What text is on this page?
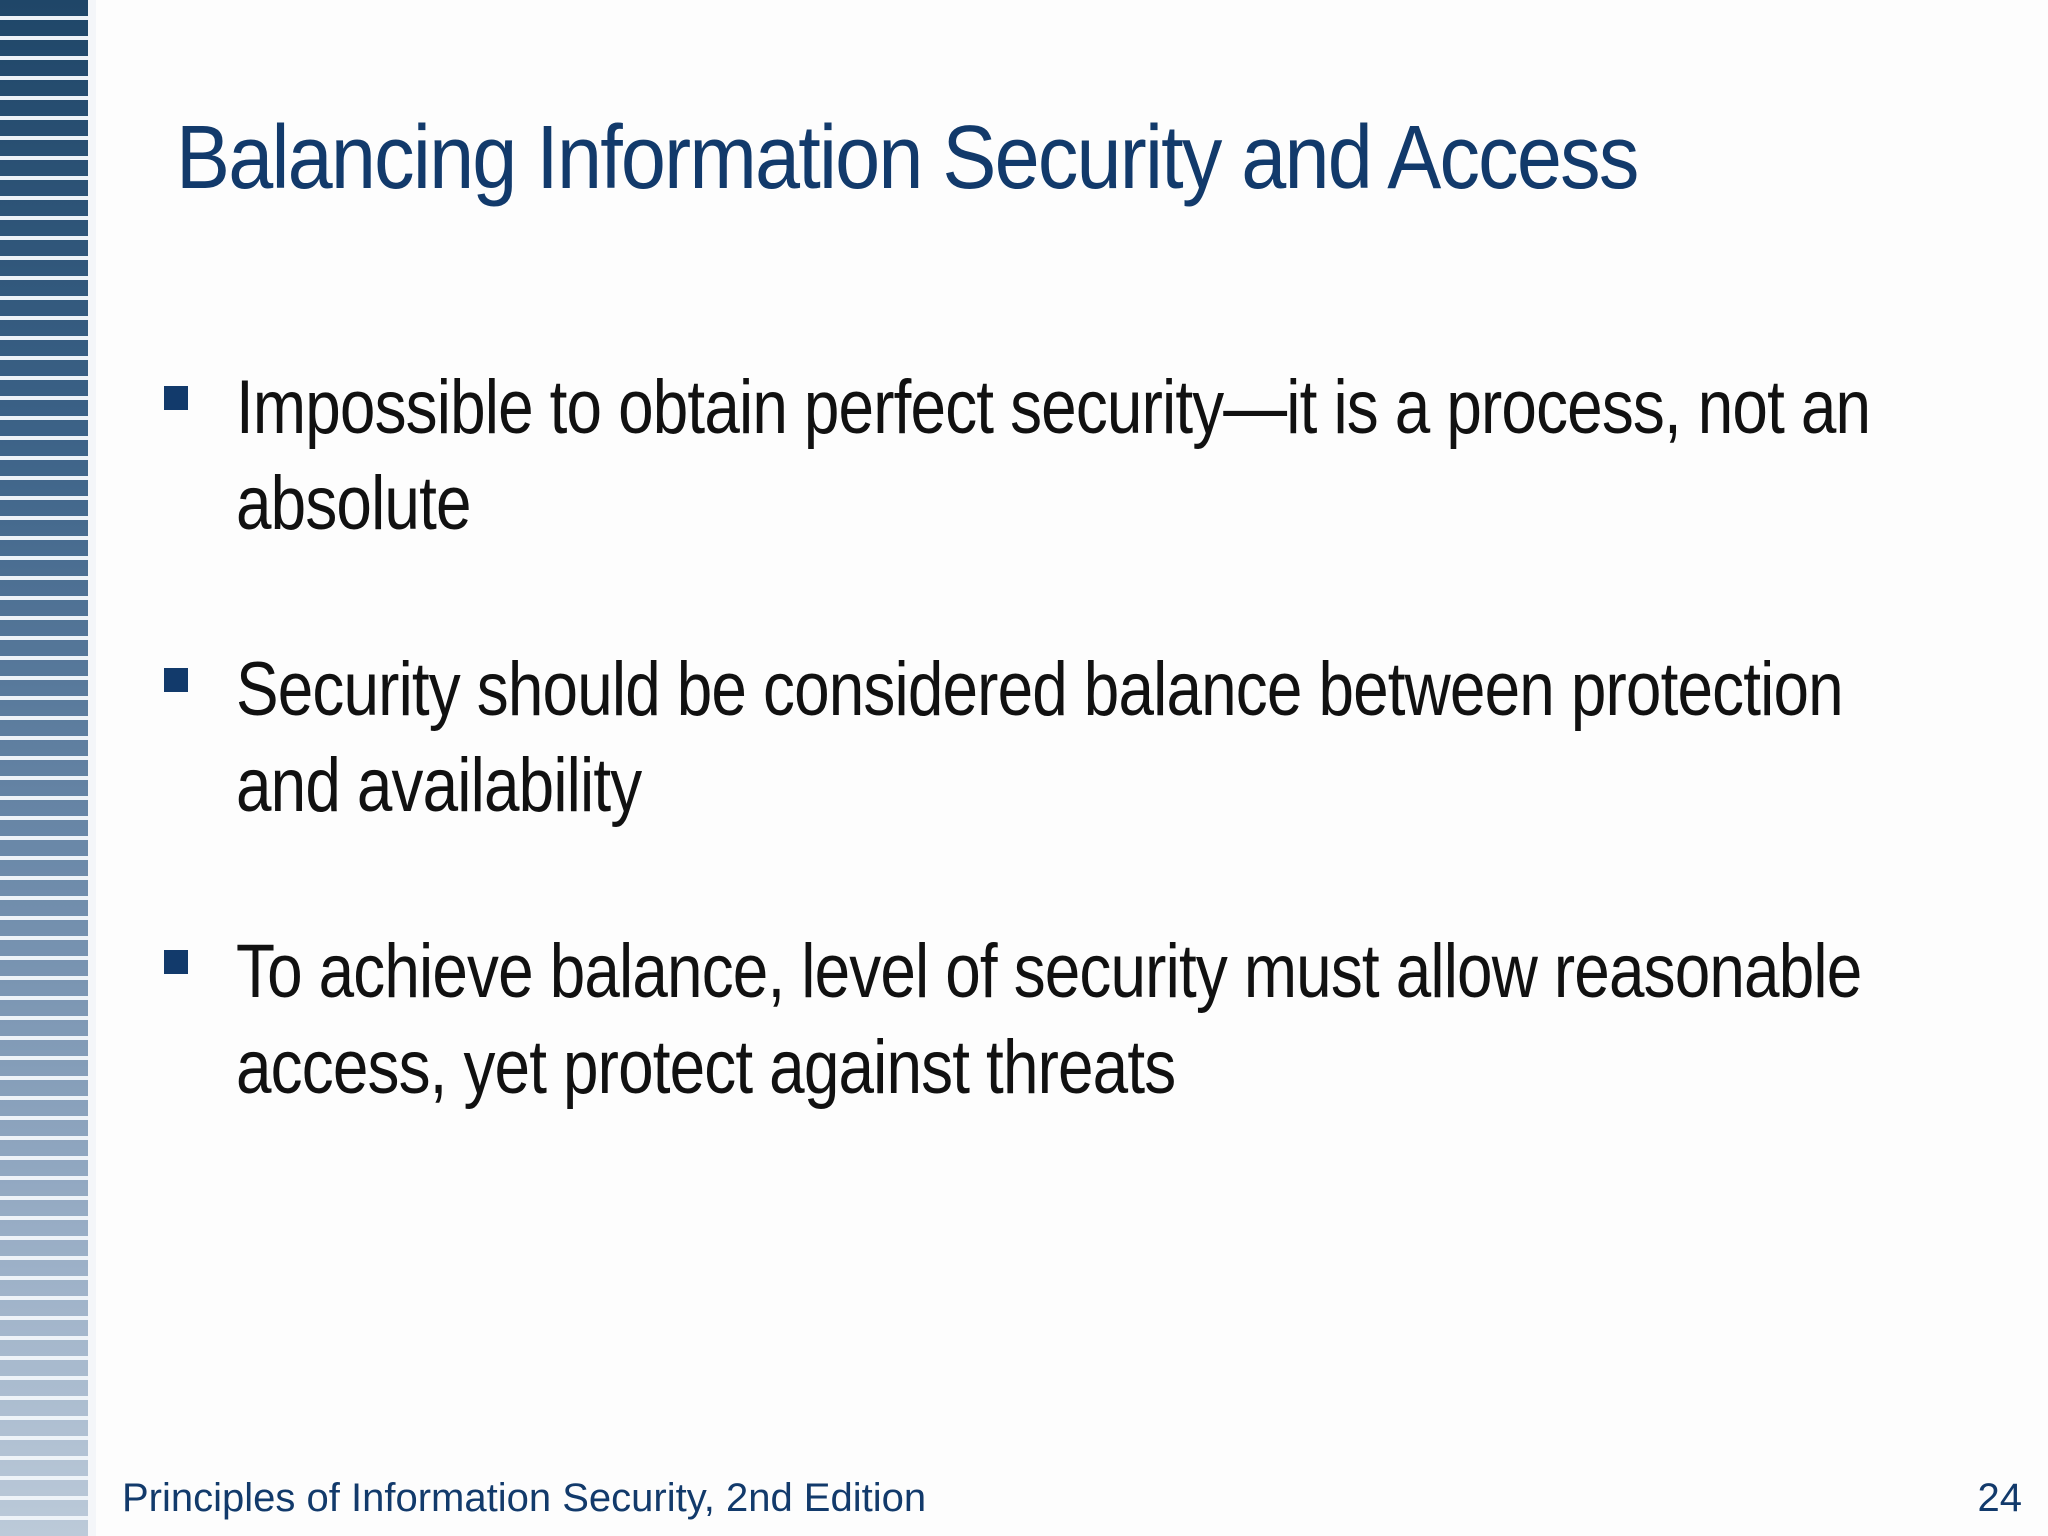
Balancing Information Security and Access
Impossible to obtain perfect security—it is a process, not an absolute
Security should be considered balance between protection and availability
To achieve balance, level of security must allow reasonable access, yet protect against threats
Principles of Information Security, 2nd Edition	24
